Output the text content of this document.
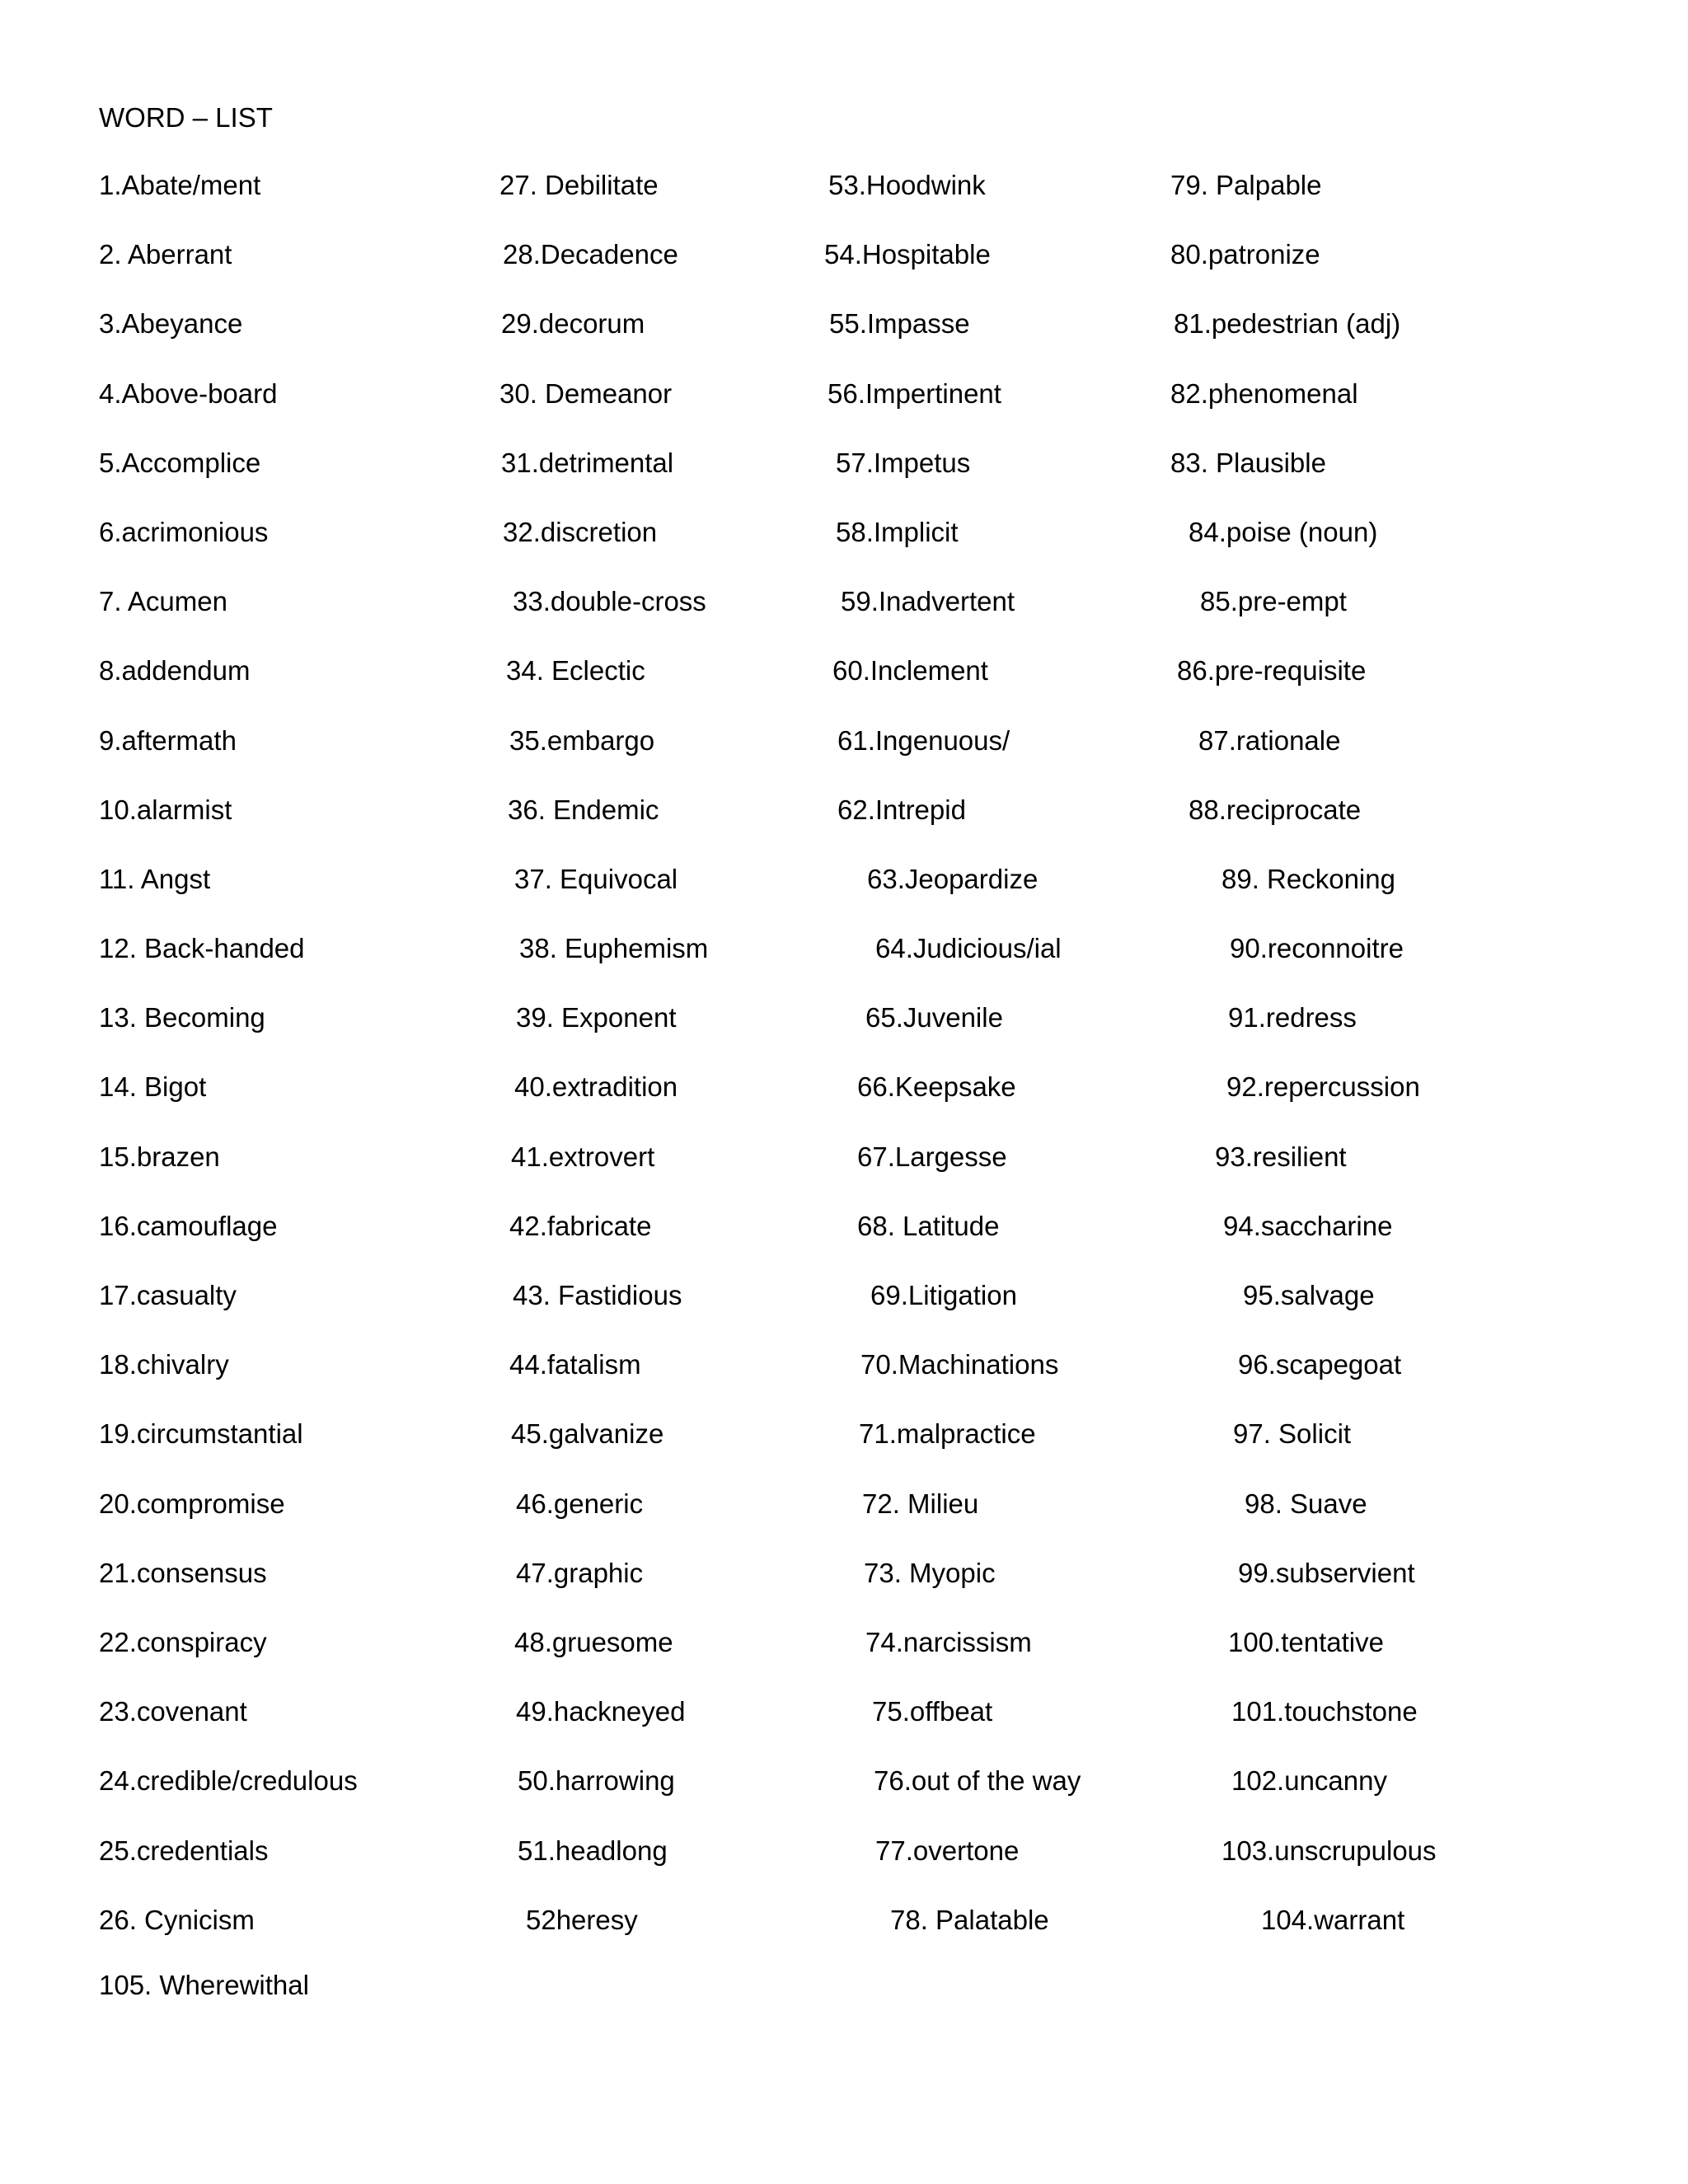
WORD – LIST
1.Abate/ment
2. Aberrant
3.Abeyance
4.Above-board
5.Accomplice
6.acrimonious
7. Acumen
8.addendum
9.aftermath
10.alarmist
11. Angst
12. Back-handed
13. Becoming
14. Bigot
15.brazen
16.camouflage
17.casualty
18.chivalry
19.circumstantial
20.compromise
21.consensus
22.conspiracy
23.covenant
24.credible/credulous
25.credentials
26. Cynicism
27. Debilitate
28.Decadence
29.decorum
30. Demeanor
31.detrimental
32.discretion
33.double-cross
34. Eclectic
35.embargo
36. Endemic
37. Equivocal
38. Euphemism
39. Exponent
40.extradition
41.extrovert
42.fabricate
43. Fastidious
44.fatalism
45.galvanize
46.generic
47.graphic
48.gruesome
49.hackneyed
50.harrowing
51.headlong
52heresy
53.Hoodwink
54.Hospitable
55.Impasse
56.Impertinent
57.Impetus
58.Implicit
59.Inadvertent
60.Inclement
61.Ingenuous/
62.Intrepid
63.Jeopardize
64.Judicious/ial
65.Juvenile
66.Keepsake
67.Largesse
68. Latitude
69.Litigation
70.Machinations
71.malpractice
72. Milieu
73. Myopic
74.narcissism
75.offbeat
76.out of the way
77.overtone
78. Palatable
79. Palpable
80.patronize
81.pedestrian (adj)
82.phenomenal
83. Plausible
84.poise (noun)
85.pre-empt
86.pre-requisite
87.rationale
88.reciprocate
89. Reckoning
90.reconnoitre
91.redress
92.repercussion
93.resilient
94.saccharine
95.salvage
96.scapegoat
97. Solicit
98. Suave
99.subservient
100.tentative
101.touchstone
102.uncanny
103.unscrupulous
104.warrant
105. Wherewithal
